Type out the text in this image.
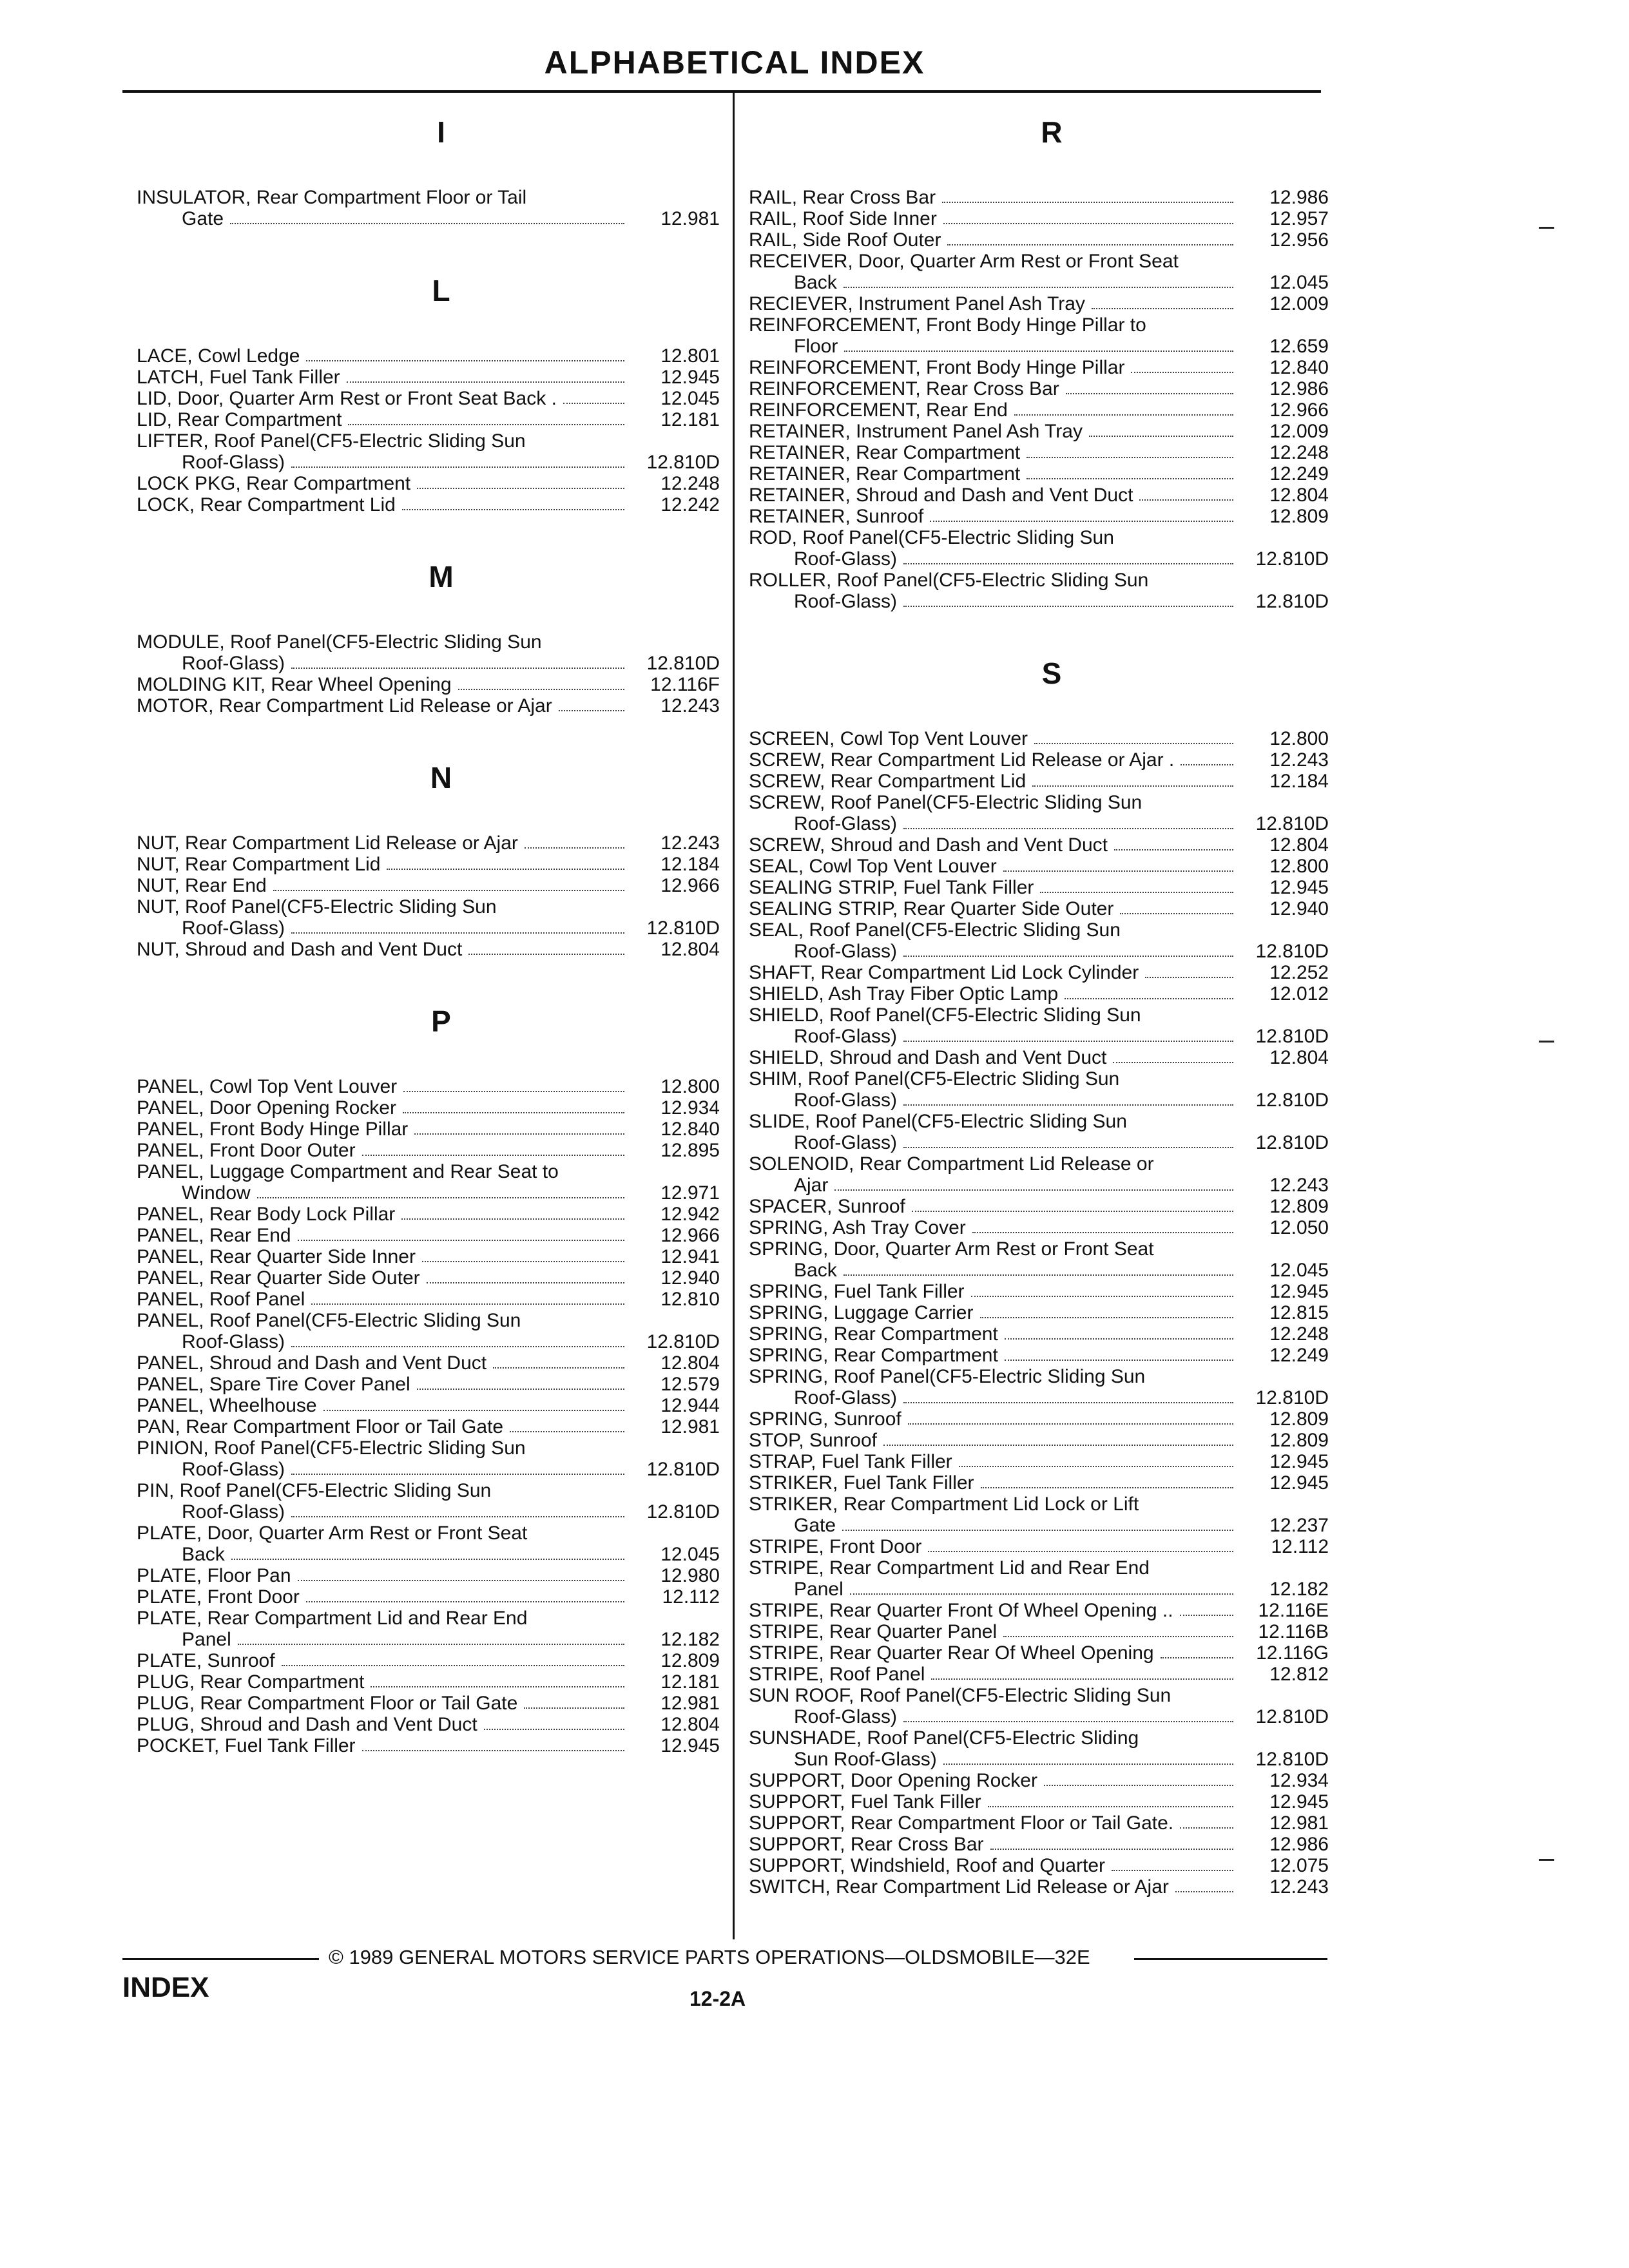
ALPHABETICAL INDEX
I
INSULATOR, Rear Compartment Floor or Tail
Gate	12.981
L
LACE, Cowl Ledge	12.801
LATCH, Fuel Tank Filler	12.945
LID, Door, Quarter Arm Rest or Front Seat Back .	12.045
LID, Rear Compartment	12.181
LIFTER, Roof Panel(CF5-Electric Sliding Sun
Roof-Glass)	12.810D
LOCK PKG, Rear Compartment	12.248
LOCK, Rear Compartment Lid	12.242
M
MODULE, Roof Panel(CF5-Electric Sliding Sun
Roof-Glass)	12.810D
MOLDING KIT, Rear Wheel Opening	12.116F
MOTOR, Rear Compartment Lid Release or Ajar	12.243
N
NUT, Rear Compartment Lid Release or Ajar	12.243
NUT, Rear Compartment Lid	12.184
NUT, Rear End	12.966
NUT, Roof Panel(CF5-Electric Sliding Sun
Roof-Glass)	12.810D
NUT, Shroud and Dash and Vent Duct	12.804
P
PANEL, Cowl Top Vent Louver	12.800
PANEL, Door Opening Rocker	12.934
PANEL, Front Body Hinge Pillar	12.840
PANEL, Front Door Outer	12.895
PANEL, Luggage Compartment and Rear Seat to
Window	12.971
PANEL, Rear Body Lock Pillar	12.942
PANEL, Rear End	12.966
PANEL, Rear Quarter Side Inner	12.941
PANEL, Rear Quarter Side Outer	12.940
PANEL, Roof Panel	12.810
PANEL, Roof Panel(CF5-Electric Sliding Sun
Roof-Glass)	12.810D
PANEL, Shroud and Dash and Vent Duct	12.804
PANEL, Spare Tire Cover Panel	12.579
PANEL, Wheelhouse	12.944
PAN, Rear Compartment Floor or Tail Gate	12.981
PINION, Roof Panel(CF5-Electric Sliding Sun
Roof-Glass)	12.810D
PIN, Roof Panel(CF5-Electric Sliding Sun
Roof-Glass)	12.810D
PLATE, Door, Quarter Arm Rest or Front Seat
Back	12.045
PLATE, Floor Pan	12.980
PLATE, Front Door	12.112
PLATE, Rear Compartment Lid and Rear End
Panel	12.182
PLATE, Sunroof	12.809
PLUG, Rear Compartment	12.181
PLUG, Rear Compartment Floor or Tail Gate	12.981
PLUG, Shroud and Dash and Vent Duct	12.804
POCKET, Fuel Tank Filler	12.945
R
RAIL, Rear Cross Bar	12.986
RAIL, Roof Side Inner	12.957
RAIL, Side Roof Outer	12.956
RECEIVER, Door, Quarter Arm Rest or Front Seat
Back	12.045
RECIEVER, Instrument Panel Ash Tray	12.009
REINFORCEMENT, Front Body Hinge Pillar to
Floor	12.659
REINFORCEMENT, Front Body Hinge Pillar	12.840
REINFORCEMENT, Rear Cross Bar	12.986
REINFORCEMENT, Rear End	12.966
RETAINER, Instrument Panel Ash Tray	12.009
RETAINER, Rear Compartment	12.248
RETAINER, Rear Compartment	12.249
RETAINER, Shroud and Dash and Vent Duct	12.804
RETAINER, Sunroof	12.809
ROD, Roof Panel(CF5-Electric Sliding Sun
Roof-Glass)	12.810D
ROLLER, Roof Panel(CF5-Electric Sliding Sun
Roof-Glass)	12.810D
S
SCREEN, Cowl Top Vent Louver	12.800
SCREW, Rear Compartment Lid Release or Ajar .	12.243
SCREW, Rear Compartment Lid	12.184
SCREW, Roof Panel(CF5-Electric Sliding Sun
Roof-Glass)	12.810D
SCREW, Shroud and Dash and Vent Duct	12.804
SEAL, Cowl Top Vent Louver	12.800
SEALING STRIP, Fuel Tank Filler	12.945
SEALING STRIP, Rear Quarter Side Outer	12.940
SEAL, Roof Panel(CF5-Electric Sliding Sun
Roof-Glass)	12.810D
SHAFT, Rear Compartment Lid Lock Cylinder	12.252
SHIELD, Ash Tray Fiber Optic Lamp	12.012
SHIELD, Roof Panel(CF5-Electric Sliding Sun
Roof-Glass)	12.810D
SHIELD, Shroud and Dash and Vent Duct	12.804
SHIM, Roof Panel(CF5-Electric Sliding Sun
Roof-Glass)	12.810D
SLIDE, Roof Panel(CF5-Electric Sliding Sun
Roof-Glass)	12.810D
SOLENOID, Rear Compartment Lid Release or
Ajar	12.243
SPACER, Sunroof	12.809
SPRING, Ash Tray Cover	12.050
SPRING, Door, Quarter Arm Rest or Front Seat
Back	12.045
SPRING, Fuel Tank Filler	12.945
SPRING, Luggage Carrier	12.815
SPRING, Rear Compartment	12.248
SPRING, Rear Compartment	12.249
SPRING, Roof Panel(CF5-Electric Sliding Sun
Roof-Glass)	12.810D
SPRING, Sunroof	12.809
STOP, Sunroof	12.809
STRAP, Fuel Tank Filler	12.945
STRIKER, Fuel Tank Filler	12.945
STRIKER, Rear Compartment Lid Lock or Lift
Gate	12.237
STRIPE, Front Door	12.112
STRIPE, Rear Compartment Lid and Rear End
Panel	12.182
STRIPE, Rear Quarter Front Of Wheel Opening ..	12.116E
STRIPE, Rear Quarter Panel	12.116B
STRIPE, Rear Quarter Rear Of Wheel Opening	12.116G
STRIPE, Roof Panel	12.812
SUN ROOF, Roof Panel(CF5-Electric Sliding Sun
Roof-Glass)	12.810D
SUNSHADE, Roof Panel(CF5-Electric Sliding
Sun Roof-Glass)	12.810D
SUPPORT, Door Opening Rocker	12.934
SUPPORT, Fuel Tank Filler	12.945
SUPPORT, Rear Compartment Floor or Tail Gate.	12.981
SUPPORT, Rear Cross Bar	12.986
SUPPORT, Windshield, Roof and Quarter	12.075
SWITCH, Rear Compartment Lid Release or Ajar	12.243
© 1989 GENERAL MOTORS SERVICE PARTS OPERATIONS—OLDSMOBILE—32E
INDEX	12-2A
